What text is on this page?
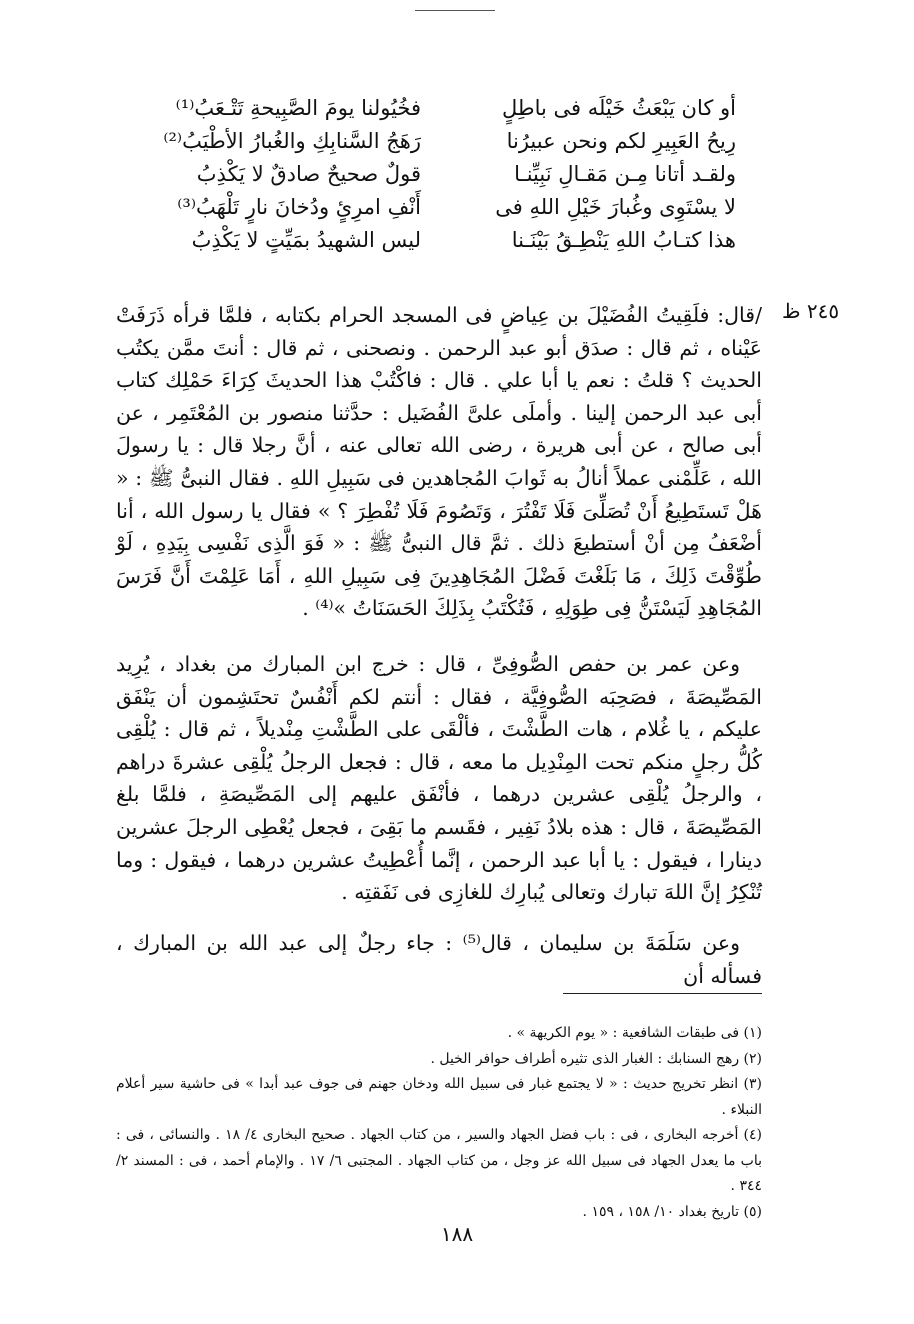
أو كان يَبْعَثُ خَيْلَه فى باطِلٍ
فخُيُولنا يومَ الصَّبِيحةِ تَتْـعَبُ⁽¹⁾
رِيحُ العَبِيرِ لكم ونحن عبيرُنا
رَهَجُ السَّنابِكِ والغُبارُ الأطْيَبُ⁽²⁾
ولقـد أتانا مِـن مَقـالِ نَبِيِّنـا
قولٌ صحيحٌ صادقٌ لا يَكْذِبُ
لا يسْتَوِى وغُبارَ خَيْلِ اللهِ فى
أَنْفِ امرِئٍ ودُخانَ نارٍ تَلْهَبُ⁽³⁾
هذا كتـابُ اللهِ يَنْطِـقُ بَيْنَـنا
ليس الشهيدُ بمَيِّتٍ لا يَكْذِبُ
٢٤٥ ظ

/قال: فلَقِيتُ الفُضَيْلَ بن عِياضٍ فى المسجد الحرام بكتابه ، فلمَّا قرأه ذَرَفَتْ عَيْناه ، ثم قال : صدَق أبو عبد الرحمن . ونصحنى ، ثم قال : أنتَ ممَّن يكتُب الحديث ؟ قلتُ : نعم يا أبا علي . قال : فاكْتُبْ هذا الحديثَ كِرَاءَ حَمْلِك كتاب أبى عبد الرحمن إلينا . وأملَى علىَّ الفُضَيل : حدَّثنا منصور بن المُعْتَمِر ، عن أبى صالح ، عن أبى هريرة ، رضى الله تعالى عنه ، أنَّ رجلا قال : يا رسولَ الله ، عَلِّمْنى عملاً أنالُ به ثَوابَ المُجاهدين فى سَبِيلِ اللهِ . فقال النبىُّ ﷺ : « هَلْ تَستَطِيعُ أَنْ تُصَلِّىَ فَلَا تَفْتُرَ ، وَتَصُومَ فَلَا تُفْطِرَ ؟ » فقال يا رسول الله ، أنا أضْعَفُ مِن أنْ أستطيعَ ذلك . ثمَّ قال النبىُّ ﷺ : « فَوَ الَّذِى نَفْسِى بِيَدِهِ ، لَوْ طُوِّقْتَ ذَلِكَ ، مَا بَلَغْتَ فَضْلَ المُجَاهِدِينَ فِى سَبِيلِ اللهِ ، أَمَا عَلِمْتَ أَنَّ فَرَسَ المُجَاهِدِ لَيَسْتَنُّ فِى طِوَلِهِ ، فَتُكْتَبُ بِذَلِكَ الحَسَنَاتُ »⁽⁴⁾ .

وعن عمر بن حفص الصُّوفِىِّ ، قال : خرج ابن المبارك من بغداد ، يُرِيد المَصِّيصَةَ ، فصَحِبَه الصُّوفِيَّة ، فقال : أنتم لكم أَنْفُسٌ تحتَشِمون أن يَنْفَق عليكم ، يا غُلام ، هات الطَّشْتَ ، فألْقَى على الطَّشْتِ مِنْديلاً ، ثم قال : يُلْقِى كُلُّ رجلٍ منكم تحت المِنْدِيل ما معه ، قال : فجعل الرجلُ يُلْقِى عشرةَ دراهم ، والرجلُ يُلْقِى عشرين درهما ، فأنْفَق عليهم إلى المَصِّيصَةِ ، فلمَّا بلغ المَصِّيصَةَ ، قال : هذه بلادُ نَفِير ، فقَسم ما بَقِىَ ، فجعل يُعْطِى الرجلَ عشرين دينارا ، فيقول : يا أبا عبد الرحمن ، إنَّما أُعْطِيتُ عشرين درهما ، فيقول : وما تُنْكِرُ إنَّ اللهَ تبارك وتعالى يُبارِك للغازِى فى نَفَقتِه .

وعن سَلَمَةَ بن سليمان ، قال⁽⁵⁾ : جاء رجلٌ إلى عبد الله بن المبارك ، فسأله أن

(١) فى طبقات الشافعية : « يوم الكريهة » .

(٢) رهج السنابك : الغبار الذى تثيره أطراف حوافر الخيل .

(٣) انظر تخريج حديث : « لا يجتمع غبار فى سبيل الله ودخان جهنم فى جوف عبد أبدا » فى حاشية سير أعلام النبلاء .

(٤) أخرجه البخارى ، فى : باب فضل الجهاد والسير ، من كتاب الجهاد . صحيح البخارى ٤/ ١٨ . والنسائى ، فى : باب ما يعدل الجهاد فى سبيل الله عز وجل ، من كتاب الجهاد . المجتبى ٦/ ١٧ . والإمام أحمد ، فى : المسند ٢/ ٣٤٤ .

(٥) تاريخ بغداد ١٠/ ١٥٨ ، ١٥٩ .

١٨٨
